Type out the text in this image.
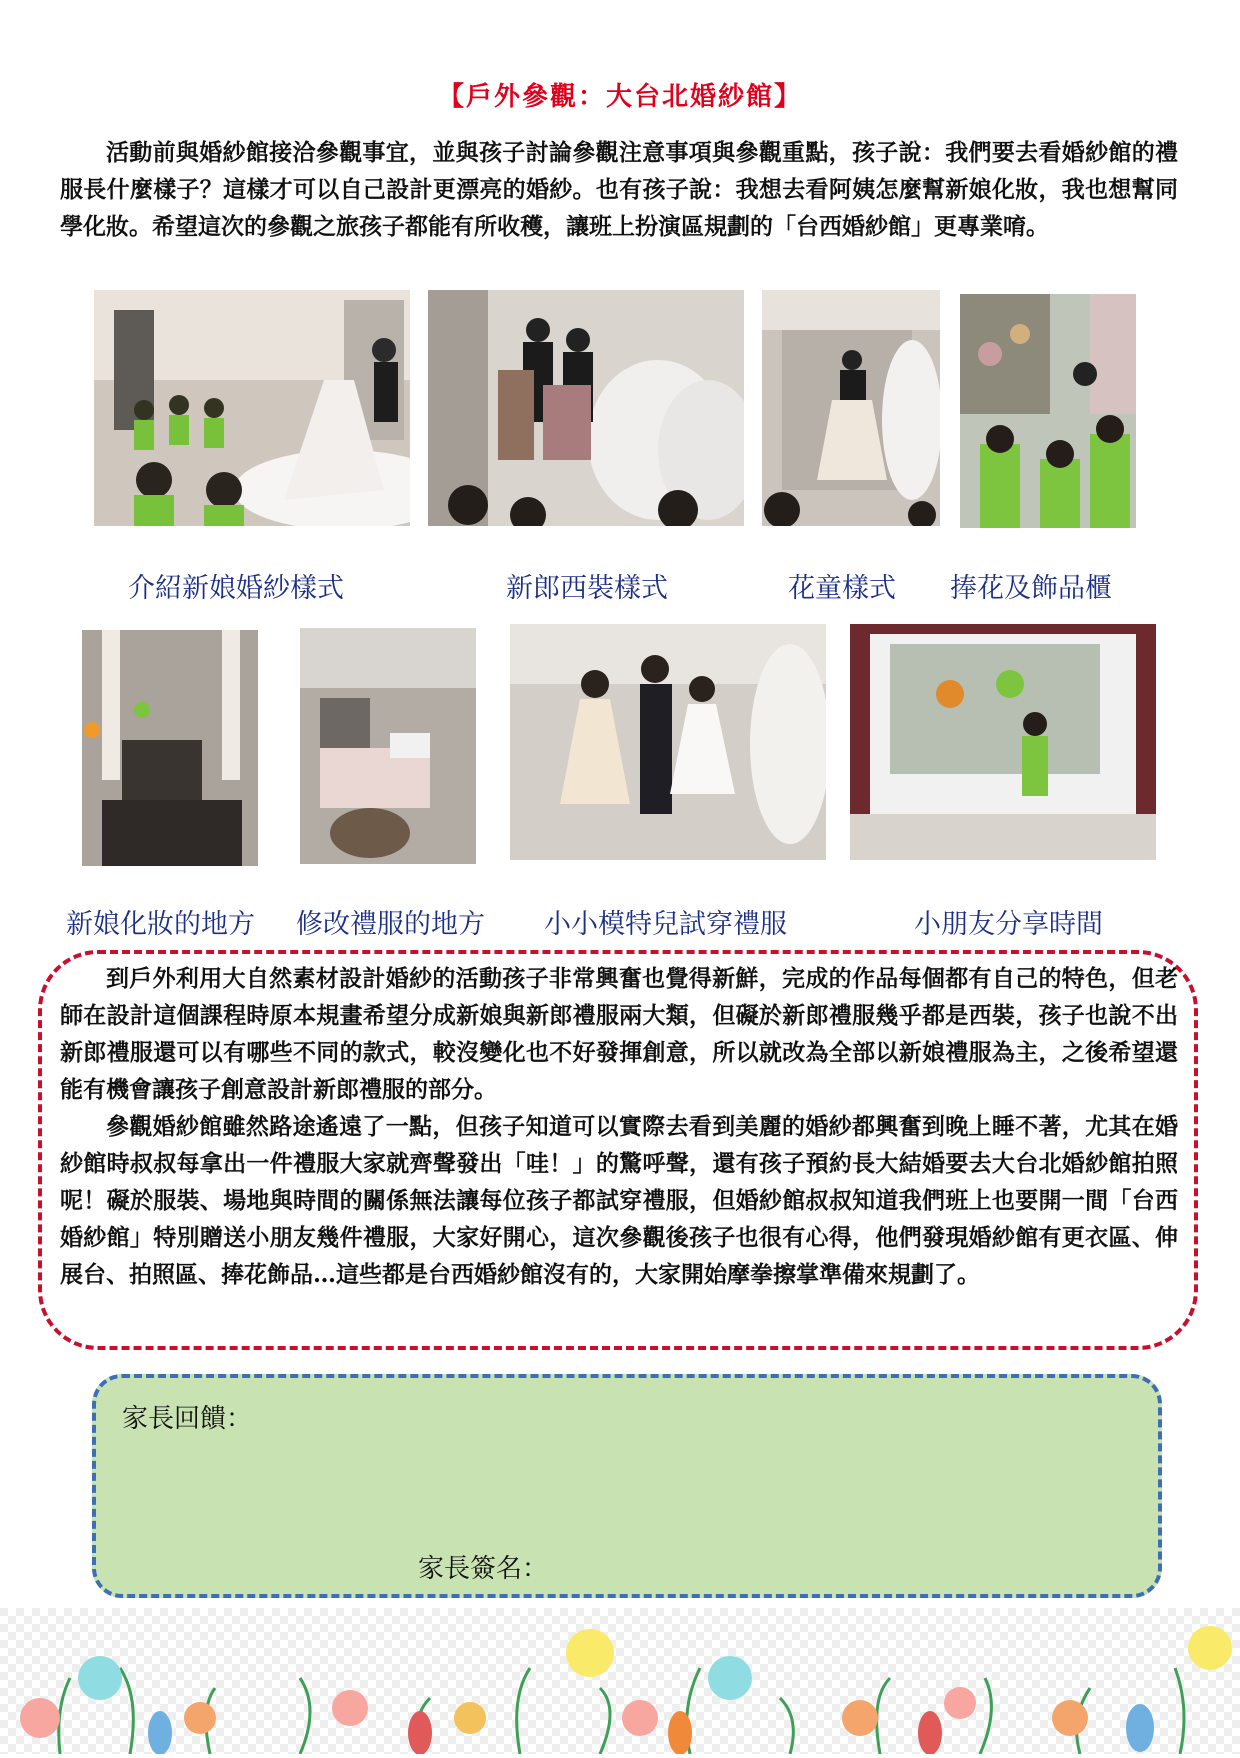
【戶外參觀：大台北婚紗館】

活動前與婚紗館接洽參觀事宜，並與孩子討論參觀注意事項與參觀重點，孩子說：我們要去看婚紗館的禮服長什麼樣子？這樣才可以自己設計更漂亮的婚紗。也有孩子說：我想去看阿姨怎麼幫新娘化妝，我也想幫同學化妝。希望這次的參觀之旅孩子都能有所收穫，讓班上扮演區規劃的「台西婚紗館」更專業唷。

介紹新娘婚紗樣式	新郎西裝樣式	花童樣式 捧花及飾品櫃
新娘化妝的地方 修改禮服的地方 小小模特兒試穿禮服	小朋友分享時間

到戶外利用大自然素材設計婚紗的活動孩子非常興奮也覺得新鮮，完成的作品每個都有自己的特色，但老師在設計這個課程時原本規畫希望分成新娘與新郎禮服兩大類，但礙於新郎禮服幾乎都是西裝，孩子也說不出新郎禮服還可以有哪些不同的款式，較沒變化也不好發揮創意，所以就改為全部以新娘禮服為主，之後希望還能有機會讓孩子創意設計新郎禮服的部分。

參觀婚紗館雖然路途遙遠了一點，但孩子知道可以實際去看到美麗的婚紗都興奮到晚上睡不著，尤其在婚紗館時叔叔每拿出一件禮服大家就齊聲發出「哇！」的驚呼聲，還有孩子預約長大結婚要去大台北婚紗館拍照呢！礙於服裝、場地與時間的關係無法讓每位孩子都試穿禮服，但婚紗館叔叔知道我們班上也要開一間「台西婚紗館」特別贈送小朋友幾件禮服，大家好開心，這次參觀後孩子也很有心得，他們發現婚紗館有更衣區、伸展台、拍照區、捧花飾品…這些都是台西婚紗館沒有的，大家開始摩拳擦掌準備來規劃了。

家長回饋：
家長簽名：
